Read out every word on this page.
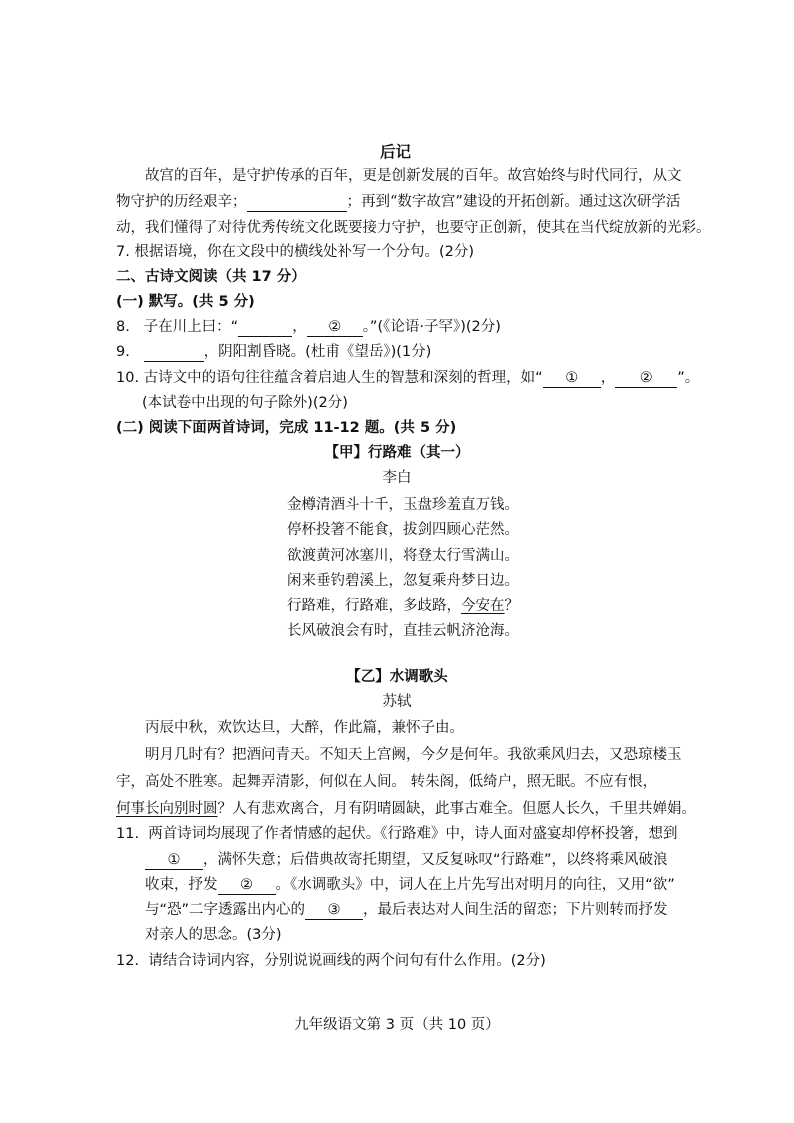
后记
故宫的百年，是守护传承的百年，更是创新发展的百年。故宫始终与时代同行，从文
物守护的历经艰辛；	；再到“数字故宫”建设的开拓创新。通过这次研学活
动，我们懂得了对待优秀传统文化既要接力守护，也要守正创新，使其在当代绽放新的光彩。
7. 根据语境，你在文段中的横线处补写一个分句。(2分)
二、古诗文阅读（共 17 分）
(一) 默写。(共 5 分)
8. 子在川上曰：“	， ② 。”(《论语·子罕》)(2分)
9.	，阴阳割昏晓。(杜甫《望岳》)(1分)
10. 古诗文中的语句往往蕴含着启迪人生的智慧和深刻的哲理，如“ ① ， ② ”。
(本试卷中出现的句子除外)(2分)
(二) 阅读下面两首诗词，完成 11-12 题。(共 5 分)
【甲】行路难（其一）
李白
金樽清酒斗十千，玉盘珍羞直万钱。
停杯投箸不能食，拔剑四顾心茫然。
欲渡黄河冰塞川，将登太行雪满山。
闲来垂钓碧溪上，忽复乘舟梦日边。
行路难，行路难，多歧路，今安在？
长风破浪会有时，直挂云帆济沧海。
【乙】水调歌头
苏轼
丙辰中秋，欢饮达旦，大醉，作此篇，兼怀子由。
明月几时有？把酒问青天。不知天上宫阙，今夕是何年。我欲乘风归去，又恐琼楼玉
宇，高处不胜寒。起舞弄清影，何似在人间。 转朱阁，低绮户，照无眠。不应有恨，
何事长向别时圆？人有悲欢离合，月有阴晴圆缺，此事古难全。但愿人长久，千里共婵娟。
11. 两首诗词均展现了作者情感的起伏。《行路难》中，诗人面对盛宴却停杯投箸，想到
① ，满怀失意；后借典故寄托期望，又反复咏叹“行路难”，以终将乘风破浪
收束，抒发 ② 。《水调歌头》中，词人在上片先写出对明月的向往，又用“欲”
与“恐”二字透露出内心的 ③ ，最后表达对人间生活的留恋；下片则转而抒发
对亲人的思念。(3分)
12. 请结合诗词内容，分别说说画线的两个问句有什么作用。(2分)
九年级语文第 3 页（共 10 页）
